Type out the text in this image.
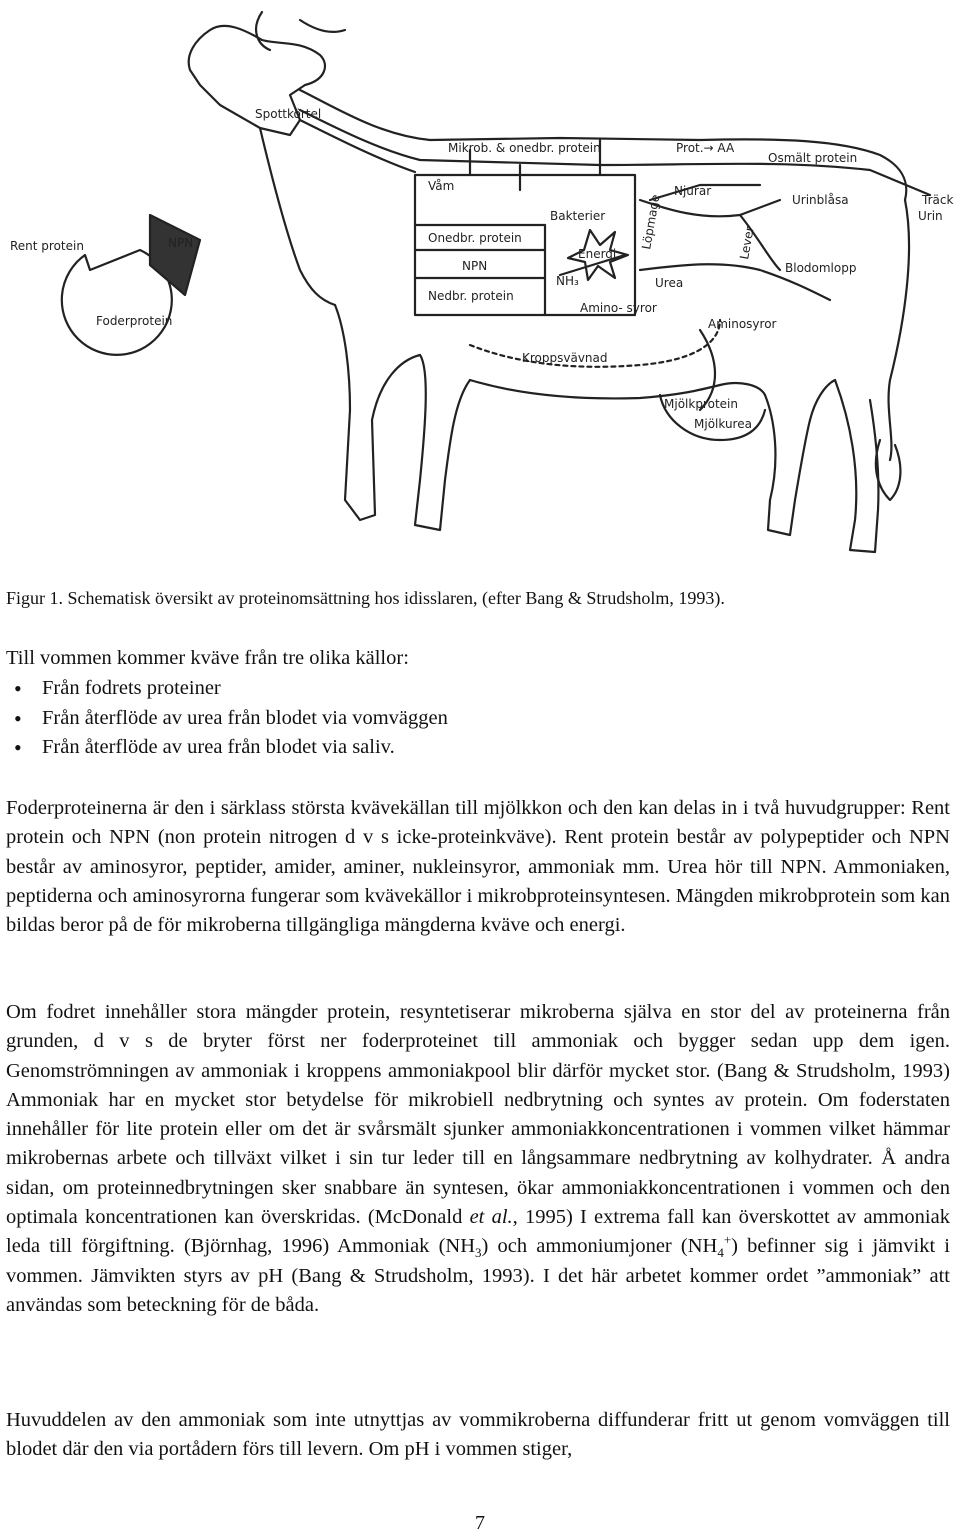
Spottkörtel
Mikrob. & onedbr. protein	Prot.→ AA
Osmält protein
Våm
Bakterier
Onedbr. protein
Energi
NPN
NH₃
Nedbr. protein
Amino- syror
Löpmage
Njurar
Lever
Urea
Urinblåsa	Träck
Urin
Blodomlopp
Aminosyror
Kroppsvävnad
Mjölkprotein
Mjölkurea
Rent protein	NPN
Foderprotein
Figur 1. Schematisk översikt av proteinomsättning hos idisslaren, (efter Bang & Strudsholm, 1993).

Till vommen kommer kväve från tre olika källor:

• Från fodrets proteiner
• Från återflöde av urea från blodet via vomväggen
• Från återflöde av urea från blodet via saliv.

Foderproteinerna är den i särklass största kvävekällan till mjölkkon och den kan delas in i två huvudgrupper: Rent protein och NPN (non protein nitrogen d v s icke-proteinkväve). Rent protein består av polypeptider och NPN består av aminosyror, peptider, amider, aminer, nukleinsyror, ammoniak mm. Urea hör till NPN. Ammoniaken, peptiderna och aminosyrorna fungerar som kvävekällor i mikrobproteinsyntesen. Mängden mikrobprotein som kan bildas beror på de för mikroberna tillgängliga mängderna kväve och energi.

Om fodret innehåller stora mängder protein, resyntetiserar mikroberna själva en stor del av proteinerna från grunden, d v s de bryter först ner foderproteinet till ammoniak och bygger sedan upp dem igen. Genomströmningen av ammoniak i kroppens ammoniakpool blir därför mycket stor. (Bang & Strudsholm, 1993) Ammoniak har en mycket stor betydelse för mikrobiell nedbrytning och syntes av protein. Om foderstaten innehåller för lite protein eller om det är svårsmält sjunker ammoniakkoncentrationen i vommen vilket hämmar mikrobernas arbete och tillväxt vilket i sin tur leder till en långsammare nedbrytning av kolhydrater. Å andra sidan, om proteinnedbrytningen sker snabbare än syntesen, ökar ammoniakkoncentrationen i vommen och den optimala koncentrationen kan överskridas. (McDonald et al., 1995) I extrema fall kan överskottet av ammoniak leda till förgiftning. (Björnhag, 1996) Ammoniak $(NH_3)$ och ammoniumjoner $(NH_4^+)$ befinner sig i jämvikt i vommen. Jämvikten styrs av pH (Bang & Strudsholm, 1993). I det här arbetet kommer ordet ”ammoniak” att användas som beteckning för de båda.

Huvuddelen av den ammoniak som inte utnyttjas av vommikroberna diffunderar fritt ut genom vomväggen till blodet där den via portådern förs till levern. Om pH i vommen stiger,

7
